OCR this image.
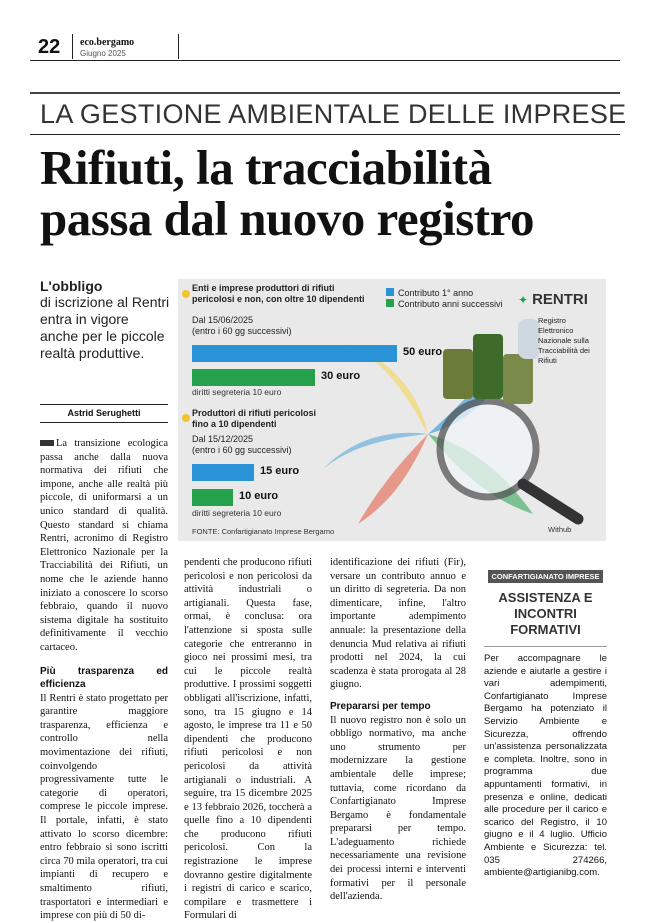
22 eco.bergamo
Giugno 2025
LA GESTIONE AMBIENTALE DELLE IMPRESE
Rifiuti, la tracciabilità
passa dal nuovo registro
L'obbligo
di iscrizione al Rentri entra in vigore anche per le piccole realtà produttive.
Astrid Serughetti
Enti e imprese produttori di rifiuti pericolosi e non, con oltre 10 dipendenti
Dal 15/06/2025
(entro i 60 gg successivi)
Contributo 1° anno
Contributo anni successivi ✦ RENTRI
Registro
Elettronico
Nazionale sulla
Tracciabilità dei
Rifiuti
50 euro
30 euro
diritti segreteria 10 euro
Produttori di rifiuti pericolosi fino a 10 dipendenti
Dal 15/12/2025
(entro i 60 gg successivi)
15 euro
10 euro
diritti segreteria 10 euro
FONTE: Confartigianato Imprese Bergamo	Withub

La transizione ecologica passa anche dalla nuova normativa dei rifiuti che impone, anche alle realtà più piccole, di uniformarsi a un unico standard di qualità. Questo standard si chiama Rentri, acronimo di Registro Elettronico Nazionale per la Tracciabilità dei Rifiuti, un nome che le aziende hanno iniziato a conoscere lo scorso febbraio, quando il nuovo sistema digitale ha sostituito definitivamente il vecchio cartaceo.

Più trasparenza ed efficienza

Il Rentri è stato progettato per garantire maggiore trasparenza, efficienza e controllo nella movimentazione dei rifiuti, coinvolgendo progressivamente tutte le categorie di operatori, comprese le piccole imprese. Il portale, infatti, è stato attivato lo scorso dicembre: entro febbraio si sono iscritti circa 70 mila operatori, tra cui impianti di recupero e smaltimento rifiuti, trasportatori e intermediari e imprese con più di 50 di-

pendenti che producono rifiuti pericolosi e non pericolosi da attività industriali o artigianali. Questa fase, ormai, è conclusa: ora l'attenzione si sposta sulle categorie che entreranno in gioco nei prossimi mesi, tra cui le piccole realtà produttive. I prossimi soggetti obbligati all'iscrizione, infatti, sono, tra 15 giugno e 14 agosto, le imprese tra 11 e 50 dipendenti che producono rifiuti pericolosi e non pericolosi da attività artigianali o industriali. A seguire, tra 15 dicembre 2025 e 13 febbraio 2026, toccherà a quelle fino a 10 dipendenti che producono rifiuti pericolosi. Con la registrazione le imprese dovranno gestire digitalmente i registri di carico e scarico, compilare e trasmettere i Formulari di

identificazione dei rifiuti (Fir), versare un contributo annuo e un diritto di segreteria. Da non dimenticare, infine, l'altro importante adempimento annuale: la presentazione della denuncia Mud relativa ai rifiuti prodotti nel 2024, la cui scadenza è stata prorogata al 28 giugno.

Prepararsi per tempo

Il nuovo registro non è solo un obbligo normativo, ma anche uno strumento per modernizzare la gestione ambientale delle imprese; tuttavia, come ricordano da Confartigianato Imprese Bergamo è fondamentale prepararsi per tempo. L'adeguamento richiede necessariamente una revisione dei processi interni e interventi formativi per il personale dell'azienda.

CONFARTIGIANATO IMPRESE
ASSISTENZA E INCONTRI FORMATIVI
Per accompagnare le aziende e aiutarle a gestire i vari adempimenti, Confartigianato Imprese Bergamo ha potenziato il Servizio Ambiente e Sicurezza, offrendo un'assistenza personalizzata e completa. Inoltre, sono in programma due appuntamenti formativi, in presenza e online, dedicati alle procedure per il carico e scarico del Registro, il 10 giugno e il 4 luglio. Ufficio Ambiente e Sicurezza: tel. 035 274266, ambiente@artigianibg.com.
